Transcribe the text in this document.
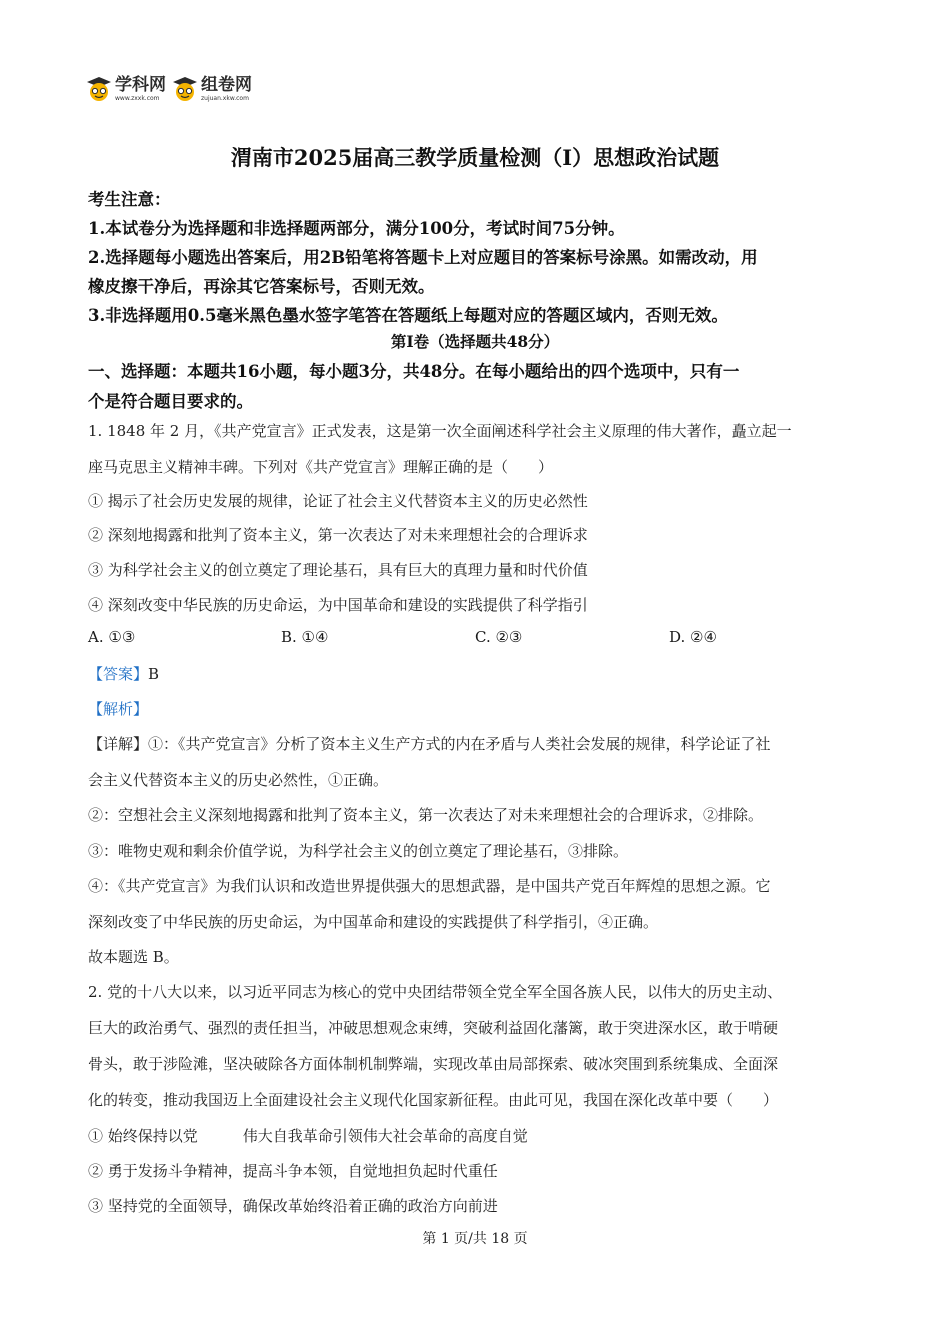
学科网
www.zxxk.com
组卷网
zujuan.xkw.com
渭南市2025届高三教学质量检测（I）思想政治试题
考生注意：
1.本试卷分为选择题和非选择题两部分，满分100分，考试时间75分钟。
2.选择题每小题选出答案后，用2B铅笔将答题卡上对应题目的答案标号涂黑。如需改动，用
橡皮擦干净后，再涂其它答案标号，否则无效。
3.非选择题用0.5毫米黑色墨水签字笔答在答题纸上每题对应的答题区域内，否则无效。
第I卷（选择题共48分）
一、选择题：本题共16小题，每小题3分，共48分。在每小题给出的四个选项中，只有一
个是符合题目要求的。
1. 1848 年 2 月，《共产党宣言》正式发表，这是第一次全面阐述科学社会主义原理的伟大著作，矗立起一
座马克思主义精神丰碑。下列对《共产党宣言》理解正确的是（　　）
① 揭示了社会历史发展的规律，论证了社会主义代替资本主义的历史必然性
② 深刻地揭露和批判了资本主义，第一次表达了对未来理想社会的合理诉求
③ 为科学社会主义的创立奠定了理论基石，具有巨大的真理力量和时代价值
④ 深刻改变中华民族的历史命运，为中国革命和建设的实践提供了科学指引
A. ①③	B. ①④	C. ②③	D. ②④
【答案】B
【解析】
【详解】①：《共产党宣言》分析了资本主义生产方式的内在矛盾与人类社会发展的规律，科学论证了社
会主义代替资本主义的历史必然性，①正确。
②：空想社会主义深刻地揭露和批判了资本主义，第一次表达了对未来理想社会的合理诉求，②排除。
③：唯物史观和剩余价值学说，为科学社会主义的创立奠定了理论基石，③排除。
④：《共产党宣言》为我们认识和改造世界提供强大的思想武器，是中国共产党百年辉煌的思想之源。它
深刻改变了中华民族的历史命运，为中国革命和建设的实践提供了科学指引，④正确。
故本题选 B。
2. 党的十八大以来，以习近平同志为核心的党中央团结带领全党全军全国各族人民，以伟大的历史主动、
巨大的政治勇气、强烈的责任担当，冲破思想观念束缚，突破利益固化藩篱，敢于突进深水区，敢于啃硬
骨头，敢于涉险滩，坚决破除各方面体制机制弊端，实现改革由局部探索、破冰突围到系统集成、全面深
化的转变，推动我国迈上全面建设社会主义现代化国家新征程。由此可见，我国在深化改革中要（　　）
① 始终保持以党　　　伟大自我革命引领伟大社会革命的高度自觉
② 勇于发扬斗争精神，提高斗争本领，自觉地担负起时代重任
③ 坚持党的全面领导，确保改革始终沿着正确的政治方向前进
第 1 页/共 18 页
